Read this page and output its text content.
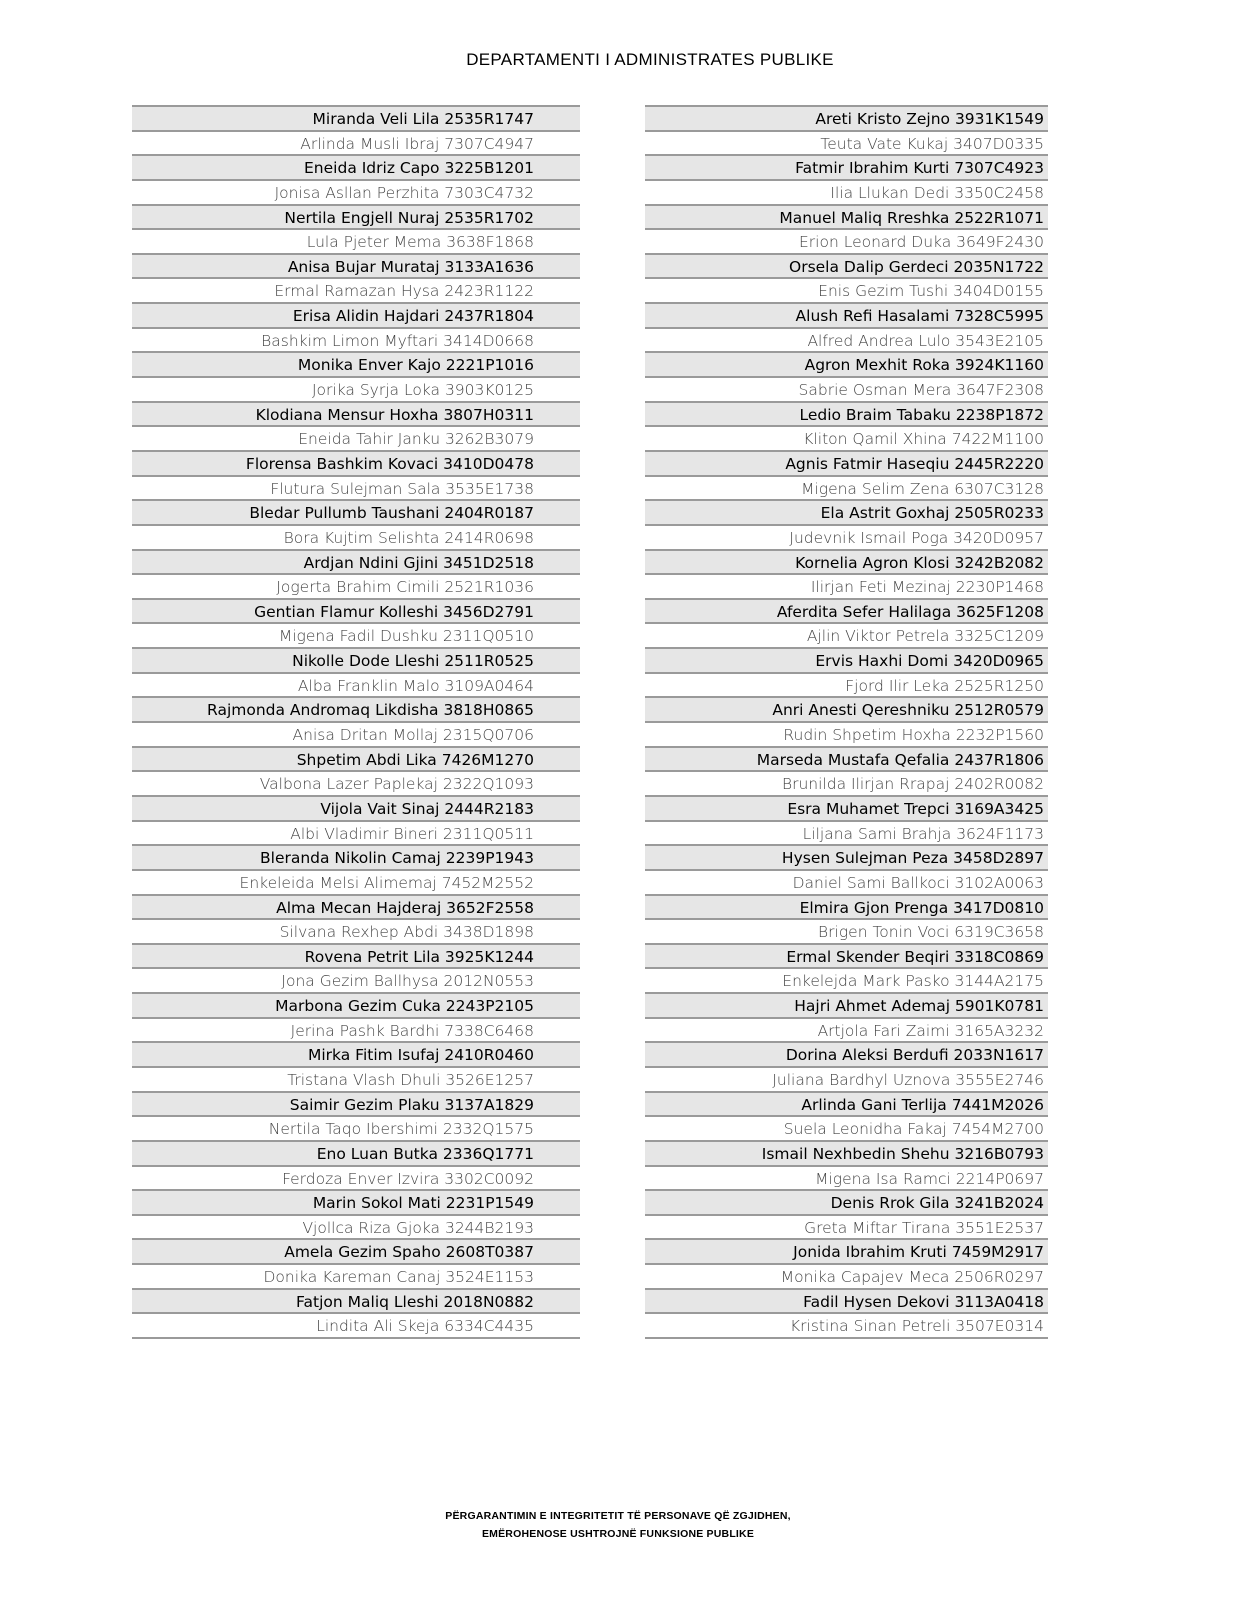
DEPARTAMENTI I ADMINISTRATES PUBLIKE
Miranda Veli Lila 2535R1747
Arlinda Musli Ibraj 7307C4947
Eneida Idriz Capo 3225B1201
Jonisa Asllan Perzhita 7303C4732
Nertila Engjell Nuraj 2535R1702
Lula Pjeter Mema 3638F1868
Anisa Bujar Murataj 3133A1636
Ermal Ramazan Hysa 2423R1122
Erisa Alidin Hajdari 2437R1804
Bashkim Limon Myftari 3414D0668
Monika Enver Kajo 2221P1016
Jorika Syrja Loka 3903K0125
Klodiana Mensur Hoxha 3807H0311
Eneida Tahir Janku 3262B3079
Florensa Bashkim Kovaci 3410D0478
Flutura Sulejman Sala 3535E1738
Bledar Pullumb Taushani 2404R0187
Bora Kujtim Selishta 2414R0698
Ardjan Ndini Gjini 3451D2518
Jogerta Brahim Cimili 2521R1036
Gentian Flamur Kolleshi 3456D2791
Migena Fadil Dushku 2311Q0510
Nikolle Dode Lleshi 2511R0525
Alba Franklin Malo 3109A0464
Rajmonda Andromaq Likdisha 3818H0865
Anisa Dritan Mollaj 2315Q0706
Shpetim Abdi Lika 7426M1270
Valbona Lazer Paplekaj 2322Q1093
Vijola Vait Sinaj 2444R2183
Albi Vladimir Bineri 2311Q0511
Bleranda Nikolin Camaj 2239P1943
Enkeleida Melsi Alimemaj 7452M2552
Alma Mecan Hajderaj 3652F2558
Silvana Rexhep Abdi 3438D1898
Rovena Petrit Lila 3925K1244
Jona Gezim Ballhysa 2012N0553
Marbona Gezim Cuka 2243P2105
Jerina Pashk Bardhi 7338C6468
Mirka Fitim Isufaj 2410R0460
Tristana Vlash Dhuli 3526E1257
Saimir Gezim Plaku 3137A1829
Nertila Taqo Ibershimi 2332Q1575
Eno Luan Butka 2336Q1771
Ferdoza Enver Izvira 3302C0092
Marin Sokol Mati 2231P1549
Vjollca Riza Gjoka 3244B2193
Amela Gezim Spaho 2608T0387
Donika Kareman Canaj 3524E1153
Fatjon Maliq Lleshi 2018N0882
Lindita Ali Skeja 6334C4435
Areti Kristo Zejno 3931K1549
Teuta Vate Kukaj 3407D0335
Fatmir Ibrahim Kurti 7307C4923
Ilia Llukan Dedi 3350C2458
Manuel Maliq Rreshka 2522R1071
Erion Leonard Duka 3649F2430
Orsela Dalip Gerdeci 2035N1722
Enis Gezim Tushi 3404D0155
Alush Refi Hasalami 7328C5995
Alfred Andrea Lulo 3543E2105
Agron Mexhit Roka 3924K1160
Sabrie Osman Mera 3647F2308
Ledio Braim Tabaku 2238P1872
Kliton Qamil Xhina 7422M1100
Agnis Fatmir Haseqiu 2445R2220
Migena Selim Zena 6307C3128
Ela Astrit Goxhaj 2505R0233
Judevnik Ismail Poga 3420D0957
Kornelia Agron Klosi 3242B2082
Ilirjan Feti Mezinaj 2230P1468
Aferdita Sefer Halilaga 3625F1208
Ajlin Viktor Petrela 3325C1209
Ervis Haxhi Domi 3420D0965
Fjord Ilir Leka 2525R1250
Anri Anesti Qereshniku 2512R0579
Rudin Shpetim Hoxha 2232P1560
Marseda Mustafa Qefalia 2437R1806
Brunilda Ilirjan Rrapaj 2402R0082
Esra Muhamet Trepci 3169A3425
Liljana Sami Brahja 3624F1173
Hysen Sulejman Peza 3458D2897
Daniel Sami Ballkoci 3102A0063
Elmira Gjon Prenga 3417D0810
Brigen Tonin Voci 6319C3658
Ermal Skender Beqiri 3318C0869
Enkelejda Mark Pasko 3144A2175
Hajri Ahmet Ademaj 5901K0781
Artjola Fari Zaimi 3165A3232
Dorina Aleksi Berdufi 2033N1617
Juliana Bardhyl Uznova 3555E2746
Arlinda Gani Terlija 7441M2026
Suela Leonidha Fakaj 7454M2700
Ismail Nexhbedin Shehu 3216B0793
Migena Isa Ramci 2214P0697
Denis Rrok Gila 3241B2024
Greta Miftar Tirana 3551E2537
Jonida Ibrahim Kruti 7459M2917
Monika Capajev Meca 2506R0297
Fadil Hysen Dekovi 3113A0418
Kristina Sinan Petreli 3507E0314
PËRGARANTIMIN E INTEGRITETIT TË PERSONAVE QË ZGJIDHEN,
EMËROHENOSE USHTROJNË FUNKSIONE PUBLIKE
